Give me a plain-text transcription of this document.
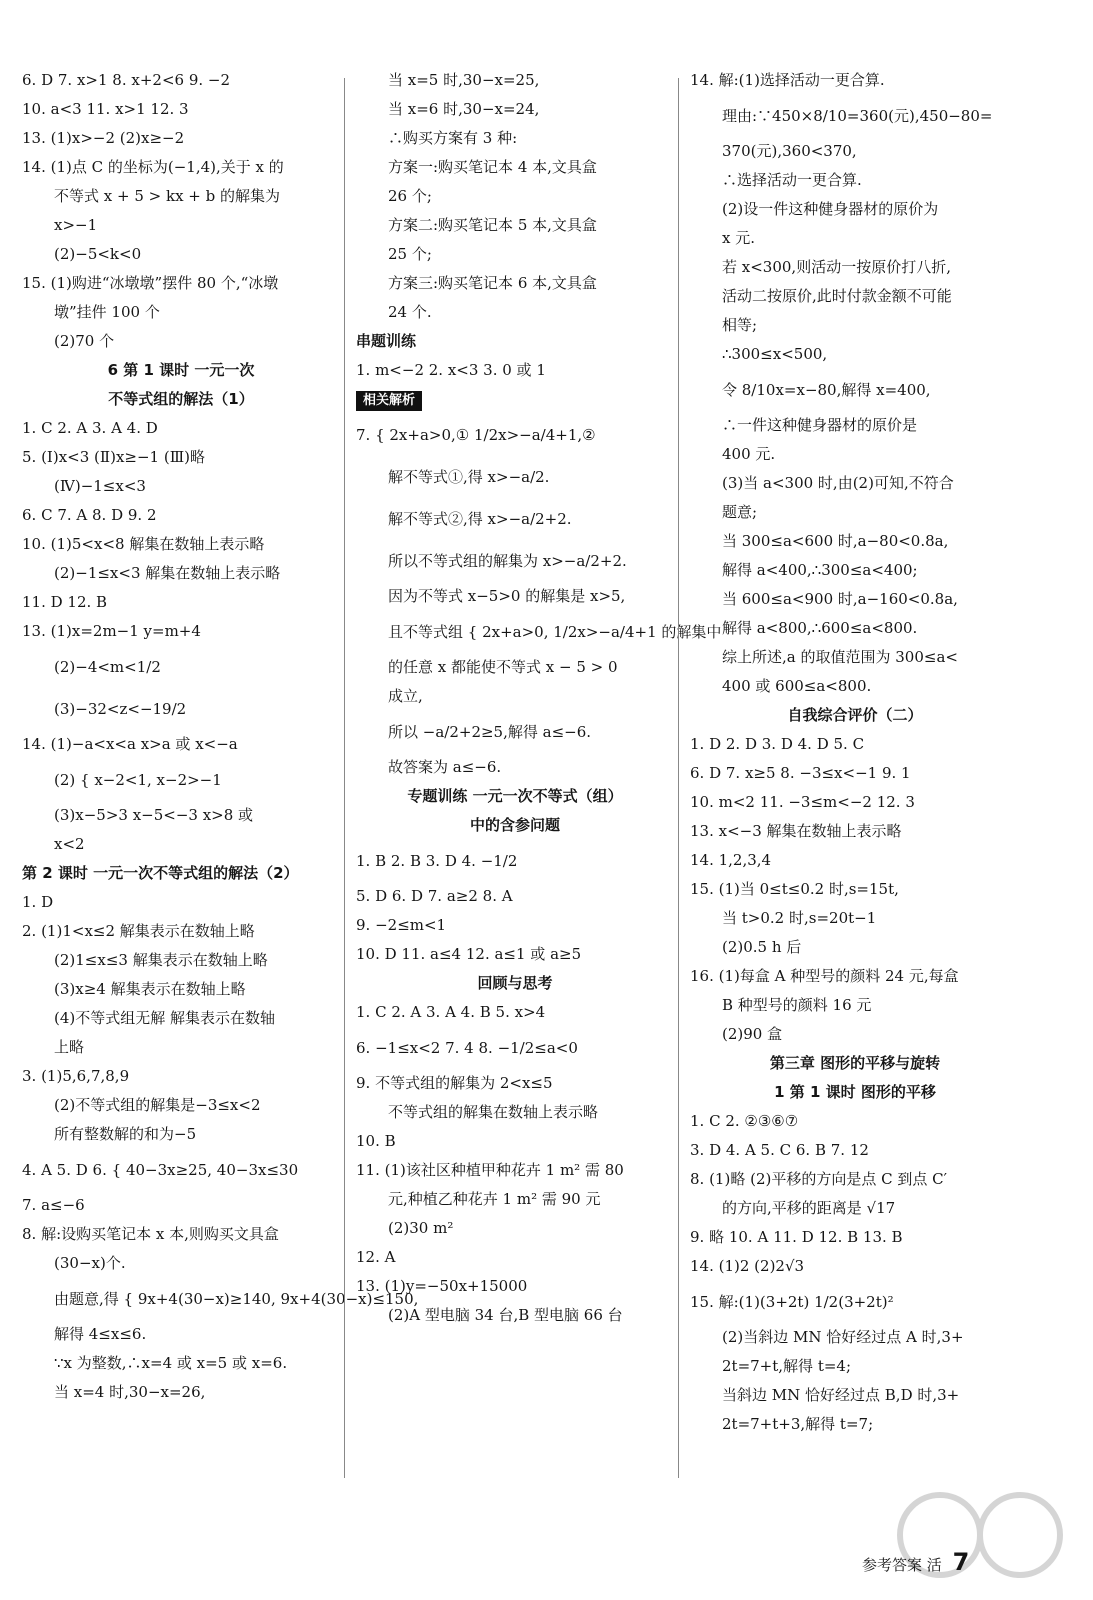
6. D 7. x>1 8. x+2<6 9. −2
10. a<3 11. x>1 12. 3
13. (1)x>−2 (2)x≥−2
14. (1)点 C 的坐标为(−1,4),关于 x 的
不等式 x + 5 > kx + b 的解集为
x>−1
(2)−5<k<0
15. (1)购进“冰墩墩”摆件 80 个,“冰墩
墩”挂件 100 个
(2)70 个
6 第 1 课时 一元一次
不等式组的解法（1）
1. C 2. A 3. A 4. D
5. (Ⅰ)x<3 (Ⅱ)x≥−1 (Ⅲ)略
(Ⅳ)−1≤x<3
6. C 7. A 8. D 9. 2
10. (1)5<x<8 解集在数轴上表示略
(2)−1≤x<3 解集在数轴上表示略
11. D 12. B
13. (1)x=2m−1 y=m+4
(2)−4<m<1/2
(3)−32<z<−19/2
14. (1)−a<x<a x>a 或 x<−a
(2) { x−2<1, x−2>−1
(3)x−5>3 x−5<−3 x>8 或
x<2
第 2 课时 一元一次不等式组的解法（2）
1. D
2. (1)1<x≤2 解集表示在数轴上略
(2)1≤x≤3 解集表示在数轴上略
(3)x≥4 解集表示在数轴上略
(4)不等式组无解 解集表示在数轴
上略
3. (1)5,6,7,8,9
(2)不等式组的解集是−3≤x<2
所有整数解的和为−5
4. A 5. D 6. { 40−3x≥25, 40−3x≤30
7. a≤−6
8. 解:设购买笔记本 x 本,则购买文具盒
(30−x)个.
由题意,得 { 9x+4(30−x)≥140, 9x+4(30−x)≤150,
解得 4≤x≤6.
∵x 为整数,∴x=4 或 x=5 或 x=6.
当 x=4 时,30−x=26,
当 x=5 时,30−x=25,
当 x=6 时,30−x=24,
∴购买方案有 3 种:
方案一:购买笔记本 4 本,文具盒
26 个;
方案二:购买笔记本 5 本,文具盒
25 个;
方案三:购买笔记本 6 本,文具盒
24 个.
串题训练
1. m<−2 2. x<3 3. 0 或 1
相关解析
7. { 2x+a>0,① 1/2x>−a/4+1,②
解不等式①,得 x>−a/2.
解不等式②,得 x>−a/2+2.
所以不等式组的解集为 x>−a/2+2.
因为不等式 x−5>0 的解集是 x>5,
且不等式组 { 2x+a>0, 1/2x>−a/4+1 的解集中
的任意 x 都能使不等式 x − 5 > 0
成立,
所以 −a/2+2≥5,解得 a≤−6.
故答案为 a≤−6.
专题训练 一元一次不等式（组）
中的含参问题
1. B 2. B 3. D 4. −1/2
5. D 6. D 7. a≥2 8. A
9. −2≤m<1
10. D 11. a≤4 12. a≤1 或 a≥5
回顾与思考
1. C 2. A 3. A 4. B 5. x>4
6. −1≤x<2 7. 4 8. −1/2≤a<0
9. 不等式组的解集为 2<x≤5
不等式组的解集在数轴上表示略
10. B
11. (1)该社区种植甲种花卉 1 m² 需 80
元,种植乙种花卉 1 m² 需 90 元
(2)30 m²
12. A
13. (1)y=−50x+15000
(2)A 型电脑 34 台,B 型电脑 66 台
14. 解:(1)选择活动一更合算.
理由:∵450×8/10=360(元),450−80=
370(元),360<370,
∴选择活动一更合算.
(2)设一件这种健身器材的原价为
x 元.
若 x<300,则活动一按原价打八折,
活动二按原价,此时付款金额不可能
相等;
∴300≤x<500,
令 8/10x=x−80,解得 x=400,
∴一件这种健身器材的原价是
400 元.
(3)当 a<300 时,由(2)可知,不符合
题意;
当 300≤a<600 时,a−80<0.8a,
解得 a<400,∴300≤a<400;
当 600≤a<900 时,a−160<0.8a,
解得 a<800,∴600≤a<800.
综上所述,a 的取值范围为 300≤a<
400 或 600≤a<800.
自我综合评价（二）
1. D 2. D 3. D 4. D 5. C
6. D 7. x≥5 8. −3≤x<−1 9. 1
10. m<2 11. −3≤m<−2 12. 3
13. x<−3 解集在数轴上表示略
14. 1,2,3,4
15. (1)当 0≤t≤0.2 时,s=15t,
当 t>0.2 时,s=20t−1
(2)0.5 h 后
16. (1)每盒 A 种型号的颜料 24 元,每盒
B 种型号的颜料 16 元
(2)90 盒
第三章 图形的平移与旋转
1 第 1 课时 图形的平移
1. C 2. ②③⑥⑦
3. D 4. A 5. C 6. B 7. 12
8. (1)略 (2)平移的方向是点 C 到点 C′
的方向,平移的距离是 √17
9. 略 10. A 11. D 12. B 13. B
14. (1)2 (2)2√3
15. 解:(1)(3+2t) 1/2(3+2t)²
(2)当斜边 MN 恰好经过点 A 时,3+
2t=7+t,解得 t=4;
当斜边 MN 恰好经过点 B,D 时,3+
2t=7+t+3,解得 t=7;
参考答案 活 7
